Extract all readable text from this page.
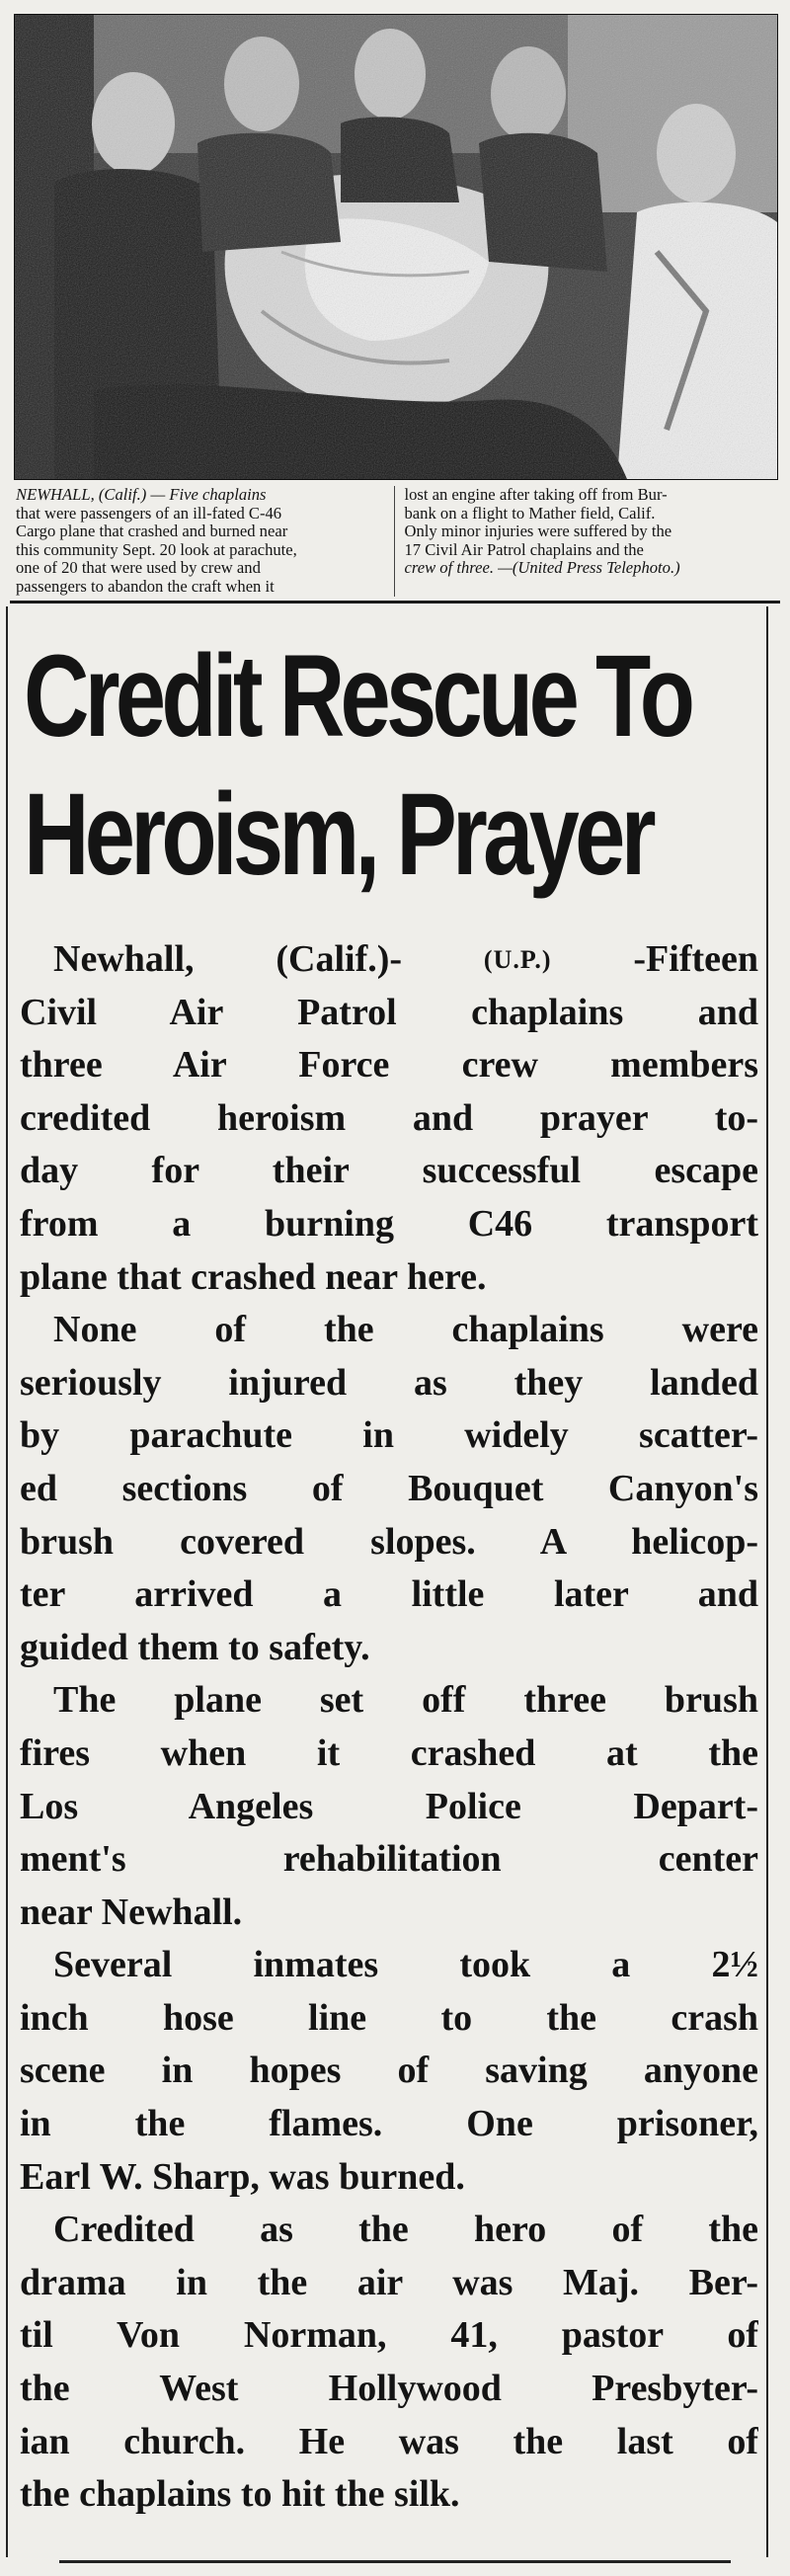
NEWHALL, (Calif.) — Five chaplains
that were passengers of an ill-fated C-46
Cargo plane that crashed and burned near
this community Sept. 20 look at parachute,
one of 20 that were used by crew and
passengers to abandon the craft when it
lost an engine after taking off from Bur-
bank on a flight to Mather field, Calif.
Only minor injuries were suffered by the
17 Civil Air Patrol chaplains and the
crew of three. —(United Press Telephoto.)
Credit Rescue To
Heroism, Prayer
Newhall, (Calif.)-	(U.P.) -Fifteen
Civil Air Patrol chaplains and
three Air Force crew members
credited heroism and prayer to-
day for their successful escape
from a burning C46 transport
plane that crashed near here.
None of the chaplains were
seriously injured as they landed
by parachute in widely scatter-
ed sections of Bouquet Canyon's
brush covered slopes. A helicop-
ter arrived a little later and
guided them to safety.
The plane set off three brush
fires when it crashed at the
Los Angeles Police Depart-
ment's rehabilitation center
near Newhall.
Several inmates took a 2½
inch hose line to the crash
scene in hopes of saving anyone
in the flames. One prisoner,
Earl W. Sharp, was burned.
Credited as the hero of the
drama in the air was Maj. Ber-
til Von Norman, 41, pastor of
the West Hollywood Presbyter-
ian church. He was the last of
the chaplains to hit the silk.
